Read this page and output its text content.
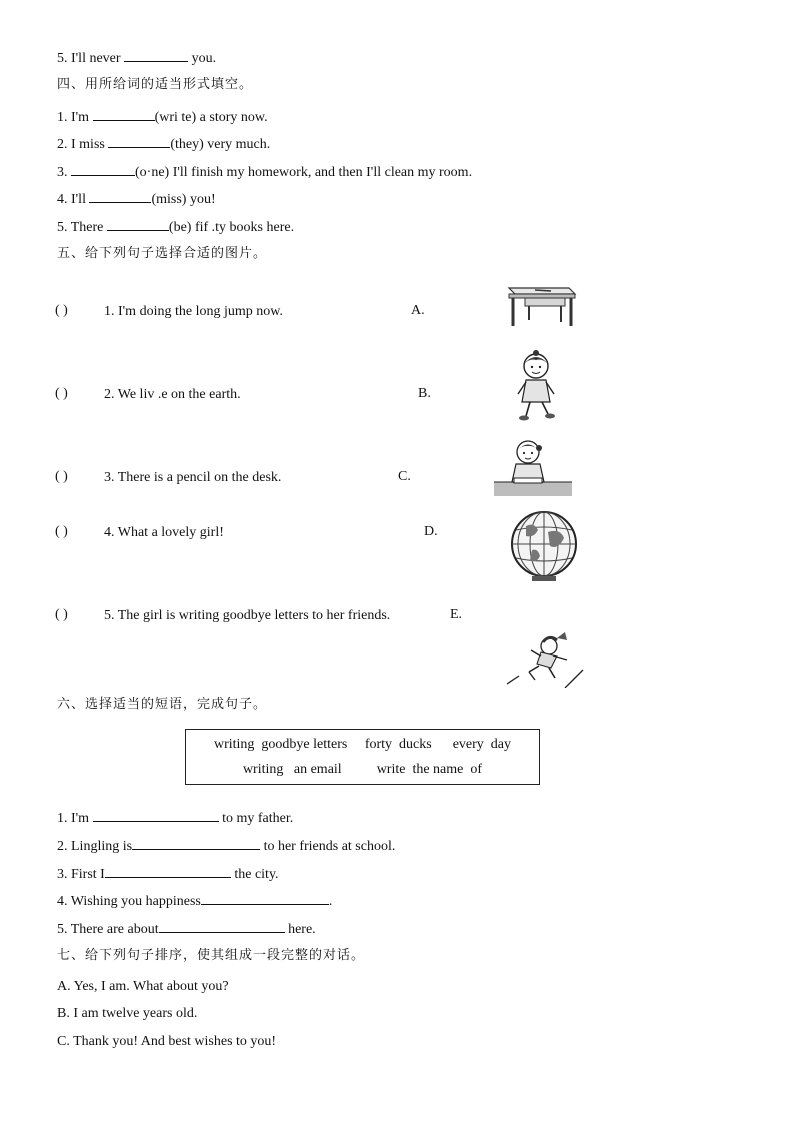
5. I'll never	you.
四、用所给词的适当形式填空。
1. I'm	(wri te) a story now.
2. I miss	(they) very much.
3.	(o·ne) I'll finish my homework, and then I'll clean my room.
4. I'll	(miss) you!
5. There	(be) fif .ty books here.
五、给下列句子选择合适的图片。
( )	1. I'm doing the long jump now.	A.
( )	2. We liv .e on the earth.	B.
( )	3. There is a pencil on the desk.	C.
( )	4. What a lovely girl!	D.
( )	5. The girl is writing goodbye letters to her friends.	E.
六、选择适当的短语，完成句子。
writing  goodbye letters     forty  ducks      every  day
writing   an email          write  the name  of
1. I'm	to my father.
2. Lingling is	to her friends at school.
3. First I	the city.
4. Wishing you happiness	.
5. There are about	here.
七、给下列句子排序，使其组成一段完整的对话。
A. Yes, I am. What about you?
B. I am twelve years old.
C. Thank you! And best wishes to you!
